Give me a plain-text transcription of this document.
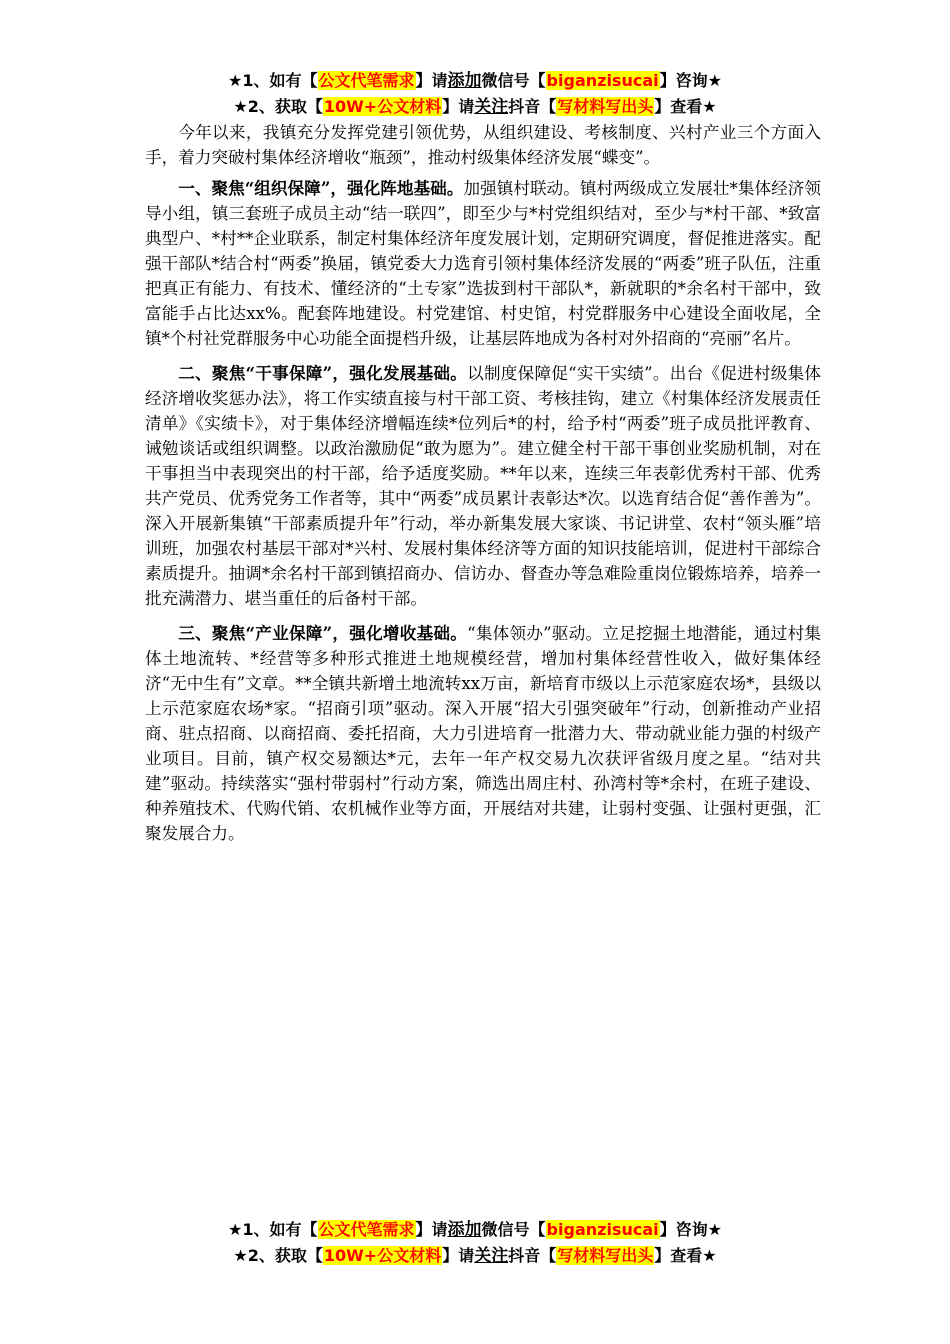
★1、如有【公文代笔需求】请添加微信号【biganzisucai】咨询★
★2、获取【10W+公文材料】请关注抖音【写材料写出头】查看★

今年以来，我镇充分发挥党建引领优势，从组织建设、考核制度、兴村产业三个方面入手，着力突破村集体经济增收“瓶颈”，推动村级集体经济发展“蝶变”。

一、聚焦“组织保障”，强化阵地基础。加强镇村联动。镇村两级成立发展壮*集体经济领导小组，镇三套班子成员主动“结一联四”，即至少与*村党组织结对，至少与*村干部、*致富典型户、*村**企业联系，制定村集体经济年度发展计划，定期研究调度，督促推进落实。配强干部队*结合村“两委”换届，镇党委大力选育引领村集体经济发展的“两委”班子队伍，注重把真正有能力、有技术、懂经济的“土专家”选拔到村干部队*，新就职的*余名村干部中，致富能手占比达xx%。配套阵地建设。村党建馆、村史馆，村党群服务中心建设全面收尾，全镇*个村社党群服务中心功能全面提档升级，让基层阵地成为各村对外招商的“亮丽”名片。

二、聚焦“干事保障”，强化发展基础。以制度保障促“实干实绩”。出台《促进村级集体经济增收奖惩办法》，将工作实绩直接与村干部工资、考核挂钩，建立《村集体经济发展责任清单》《实绩卡》，对于集体经济增幅连续*位列后*的村，给予村“两委”班子成员批评教育、诫勉谈话或组织调整。以政治激励促“敢为愿为”。建立健全村干部干事创业奖励机制，对在干事担当中表现突出的村干部，给予适度奖励。**年以来，连续三年表彰优秀村干部、优秀共产党员、优秀党务工作者等，其中“两委”成员累计表彰达*次。以选育结合促“善作善为”。深入开展新集镇“干部素质提升年”行动，举办新集发展大家谈、书记讲堂、农村“领头雁”培训班，加强农村基层干部对*兴村、发展村集体经济等方面的知识技能培训，促进村干部综合素质提升。抽调*余名村干部到镇招商办、信访办、督查办等急难险重岗位锻炼培养，培养一批充满潜力、堪当重任的后备村干部。

三、聚焦“产业保障”，强化增收基础。“集体领办”驱动。立足挖掘土地潜能，通过村集体土地流转、*经营等多种形式推进土地规模经营，增加村集体经营性收入，做好集体经济“无中生有”文章。**全镇共新增土地流转xx万亩，新培育市级以上示范家庭农场*，县级以上示范家庭农场*家。“招商引项”驱动。深入开展“招大引强突破年”行动，创新推动产业招商、驻点招商、以商招商、委托招商，大力引进培育一批潜力大、带动就业能力强的村级产业项目。目前，镇产权交易额达*元，去年一年产权交易九次获评省级月度之星。“结对共建”驱动。持续落实“强村带弱村”行动方案，筛选出周庄村、孙湾村等*余村，在班子建设、种养殖技术、代购代销、农机械作业等方面，开展结对共建，让弱村变强、让强村更强，汇聚发展合力。

★1、如有【公文代笔需求】请添加微信号【biganzisucai】咨询★
★2、获取【10W+公文材料】请关注抖音【写材料写出头】查看★
